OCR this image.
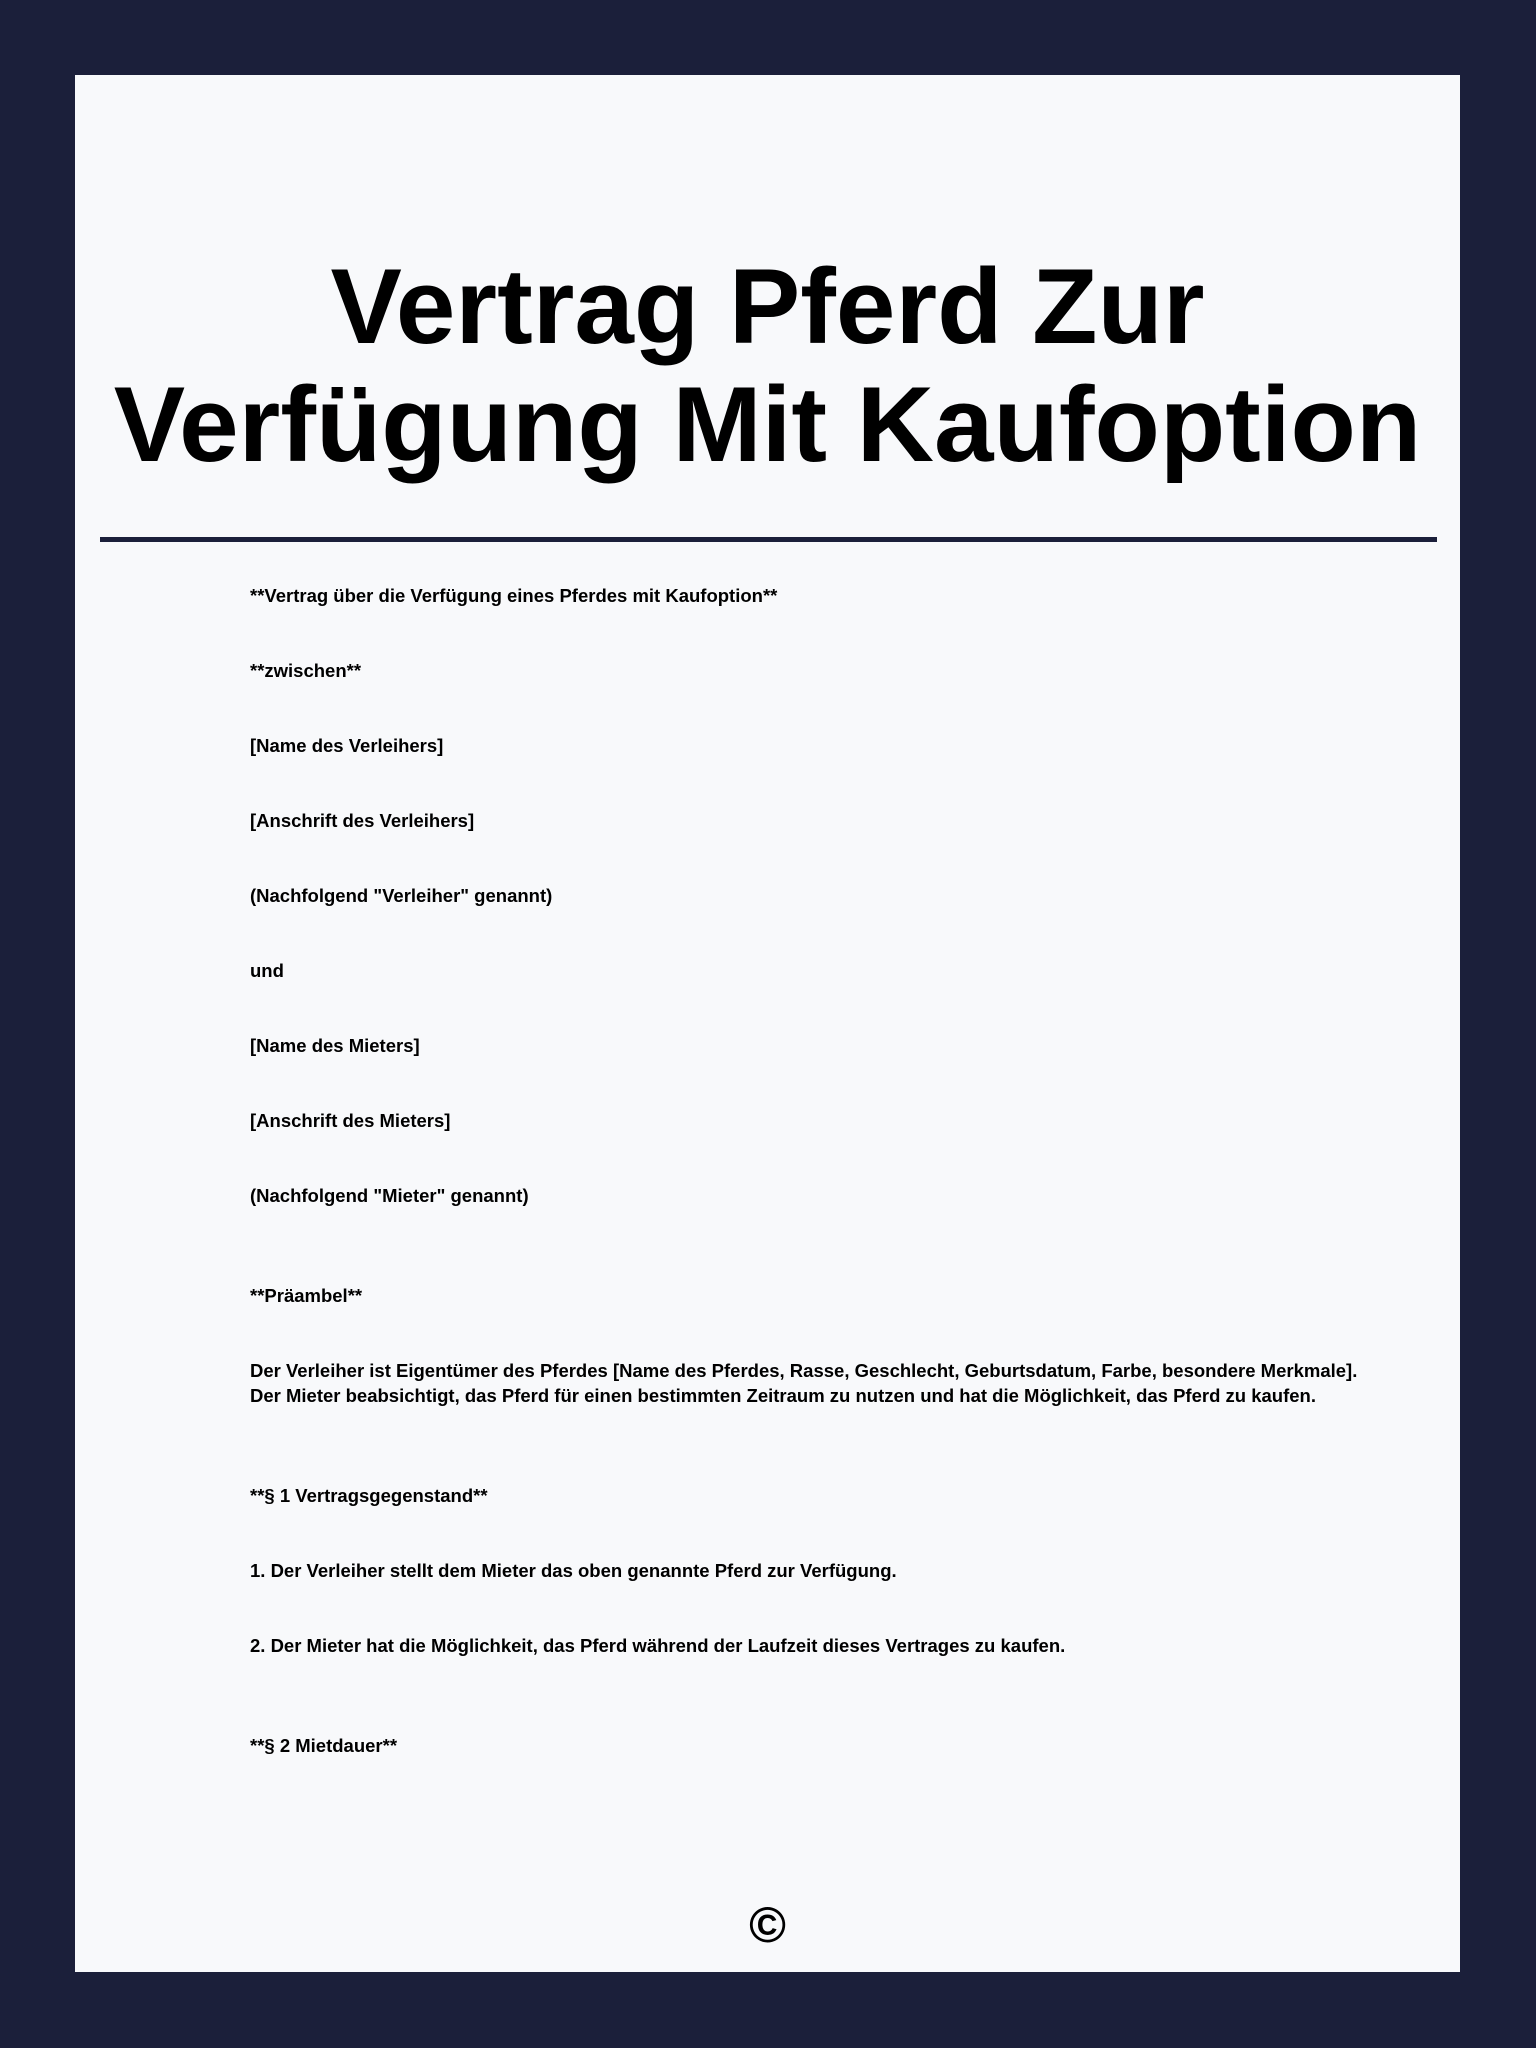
Vertrag Pferd Zur Verfügung Mit Kaufoption

**Vertrag über die Verfügung eines Pferdes mit Kaufoption**

**zwischen**

[Name des Verleihers]

[Anschrift des Verleihers]

(Nachfolgend "Verleiher" genannt)

und

[Name des Mieters]

[Anschrift des Mieters]

(Nachfolgend "Mieter" genannt)

**Präambel**

Der Verleiher ist Eigentümer des Pferdes [Name des Pferdes, Rasse, Geschlecht, Geburtsdatum, Farbe, besondere Merkmale]. Der Mieter beabsichtigt, das Pferd für einen bestimmten Zeitraum zu nutzen und hat die Möglichkeit, das Pferd zu kaufen.

**§ 1 Vertragsgegenstand**

1. Der Verleiher stellt dem Mieter das oben genannte Pferd zur Verfügung.

2. Der Mieter hat die Möglichkeit, das Pferd während der Laufzeit dieses Vertrages zu kaufen.

**§ 2 Mietdauer**

©
